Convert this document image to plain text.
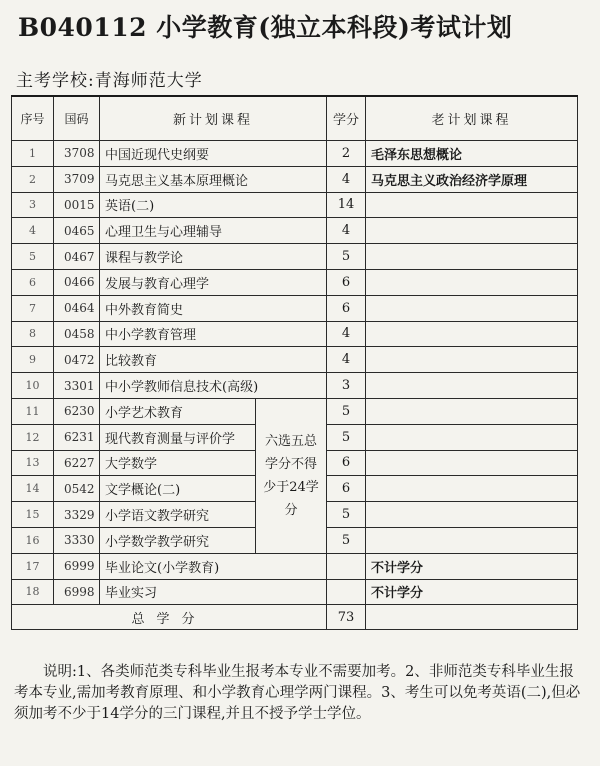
B040112 小学教育(独立本科段)考试计划
主考学校:青海师范大学
序号	国码	新计划课程		学分	老计划课程
1	3708	中国近现代史纲要		2	毛泽东思想概论
2	3709	马克思主义基本原理概论		4	马克思主义政治经济学原理
3	0015	英语(二)		14	
4	0465	心理卫生与心理辅导		4	
5	0467	课程与教学论		5	
6	0466	发展与教育心理学		6	
7	0464	中外教育简史		6	
8	0458	中小学教育管理		4	
9	0472	比较教育		4	
10	3301	中小学教师信息技术(高级)		3	
11	6230	小学艺术教育	六选五总学分不得少于24学分	5	
12	6231	现代教育测量与评价学		5	
13	6227	大学数学		6	
14	0542	文学概论(二)		6	
15	3329	小学语文教学研究		5	
16	3330	小学数学教学研究		5	
17	6999	毕业论文(小学教育)			不计学分
18	6998	毕业实习			不计学分
总学分				73	
说明:1、各类师范类专科毕业生报考本专业不需要加考。2、非师范类专科毕业生报考本专业,需加考教育原理、和小学教育心理学两门课程。3、考生可以免考英语(二),但必须加考不少于14学分的三门课程,并且不授予学士学位。
